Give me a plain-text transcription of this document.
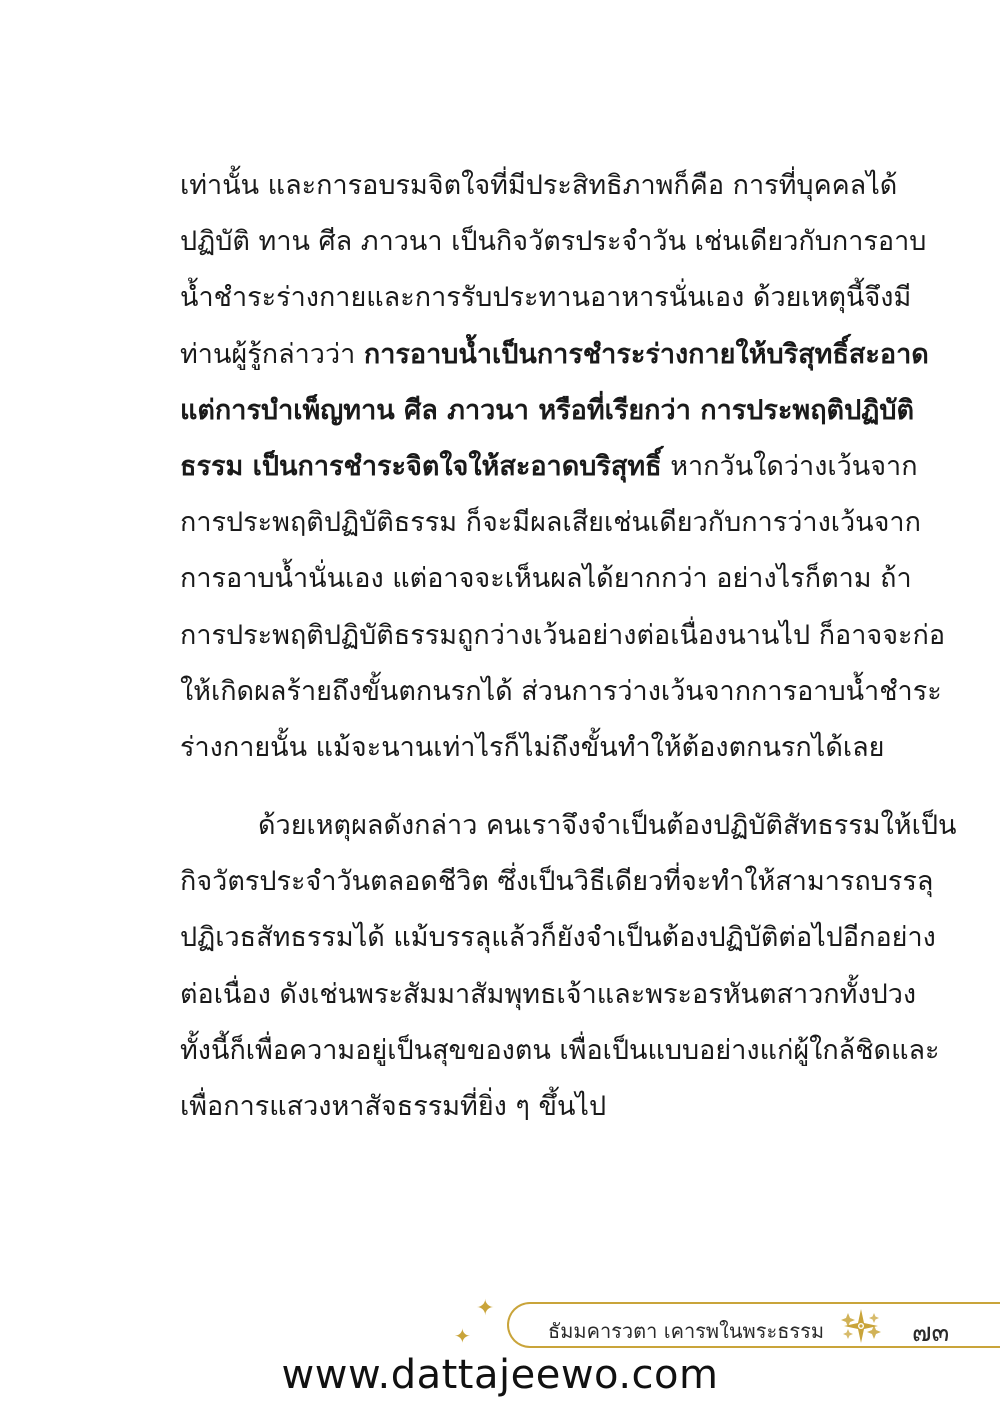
เท่านั้น และการอบรมจิตใจที่มีประสิทธิภาพก็คือ การที่บุคคลได้
ปฏิบัติ ทาน ศีล ภาวนา เป็นกิจวัตรประจำวัน เช่นเดียวกับการอาบ
น้ำชำระร่างกายและการรับประทานอาหารนั่นเอง ด้วยเหตุนี้จึงมี
ท่านผู้รู้กล่าวว่า การอาบน้ำเป็นการชำระร่างกายให้บริสุทธิ์สะอาด
แต่การบำเพ็ญทาน ศีล ภาวนา หรือที่เรียกว่า การประพฤติปฏิบัติ
ธรรม เป็นการชำระจิตใจให้สะอาดบริสุทธิ์ หากวันใดว่างเว้นจาก
การประพฤติปฏิบัติธรรม ก็จะมีผลเสียเช่นเดียวกับการว่างเว้นจาก
การอาบน้ำนั่นเอง แต่อาจจะเห็นผลได้ยากกว่า อย่างไรก็ตาม ถ้า
การประพฤติปฏิบัติธรรมถูกว่างเว้นอย่างต่อเนื่องนานไป ก็อาจจะก่อ
ให้เกิดผลร้ายถึงขั้นตกนรกได้ ส่วนการว่างเว้นจากการอาบน้ำชำระ
ร่างกายนั้น แม้จะนานเท่าไรก็ไม่ถึงขั้นทำให้ต้องตกนรกได้เลย
ด้วยเหตุผลดังกล่าว คนเราจึงจำเป็นต้องปฏิบัติสัทธรรมให้เป็น
กิจวัตรประจำวันตลอดชีวิต ซึ่งเป็นวิธีเดียวที่จะทำให้สามารถบรรลุ
ปฏิเวธสัทธรรมได้ แม้บรรลุแล้วก็ยังจำเป็นต้องปฏิบัติต่อไปอีกอย่าง
ต่อเนื่อง ดังเช่นพระสัมมาสัมพุทธเจ้าและพระอรหันตสาวกทั้งปวง
ทั้งนี้ก็เพื่อความอยู่เป็นสุขของตน เพื่อเป็นแบบอย่างแก่ผู้ใกล้ชิดและ
เพื่อการแสวงหาสัจธรรมที่ยิ่ง ๆ ขึ้นไป
✦
✦	ธัมมคารวตา เคารพในพระธรรม	๗๓
www.dattajeewo.com
